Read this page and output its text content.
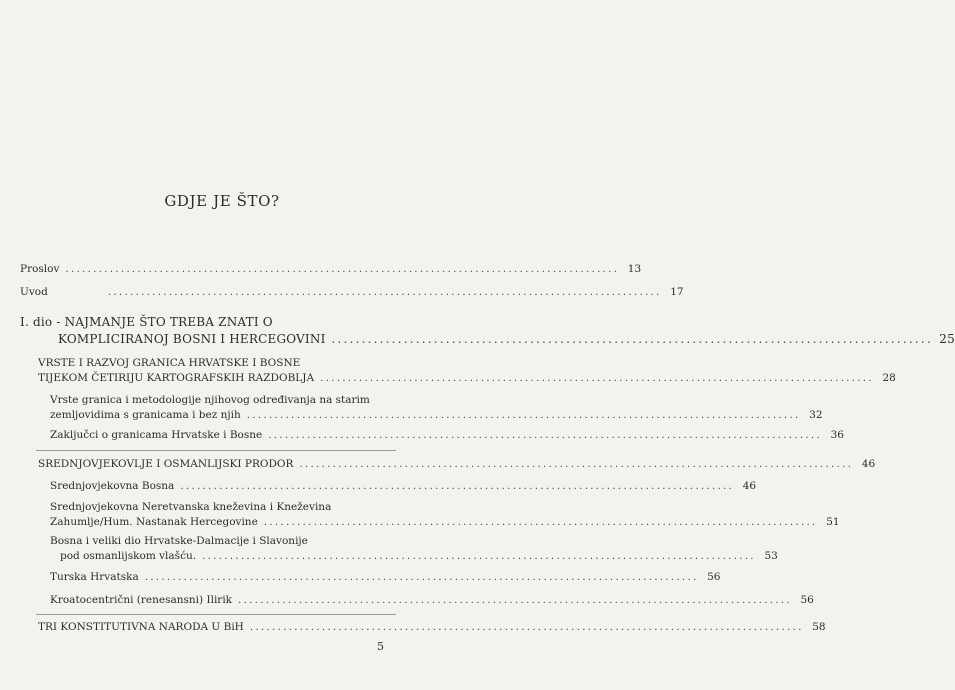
GDJE JE ŠTO?
Proslov .................................................................................................... 13
Uvod	.................................................................................................... 17
I. dio - NAJMANJE ŠTO TREBA ZNATI O
KOMPLICIRANOJ BOSNI I HERCEGOVINI .................................................................................................... 25
VRSTE I RAZVOJ GRANICA HRVATSKE I BOSNE
TIJEKOM ČETIRIJU KARTOGRAFSKIH RAZDOBLJA .................................................................................................... 28
Vrste granica i metodologije njihovog određivanja na starim
zemljovidima s granicama i bez njih .................................................................................................... 32
Zaključci o granicama Hrvatske i Bosne .................................................................................................... 36
SREDNJOVJEKOVLJE I OSMANLIJSKI PRODOR .................................................................................................... 46
Srednjovjekovna Bosna .................................................................................................... 46
Srednjovjekovna Neretvanska kneževina i Kneževina
Zahumlje/Hum. Nastanak Hercegovine .................................................................................................... 51
Bosna i veliki dio Hrvatske-Dalmacije i Slavonije
pod osmanlijskom vlašću. .................................................................................................... 53
Turska Hrvatska .................................................................................................... 56
Kroatocentrični (renesansni) Ilirik .................................................................................................... 56
TRI KONSTITUTIVNA NARODA U BiH .................................................................................................... 58
5
